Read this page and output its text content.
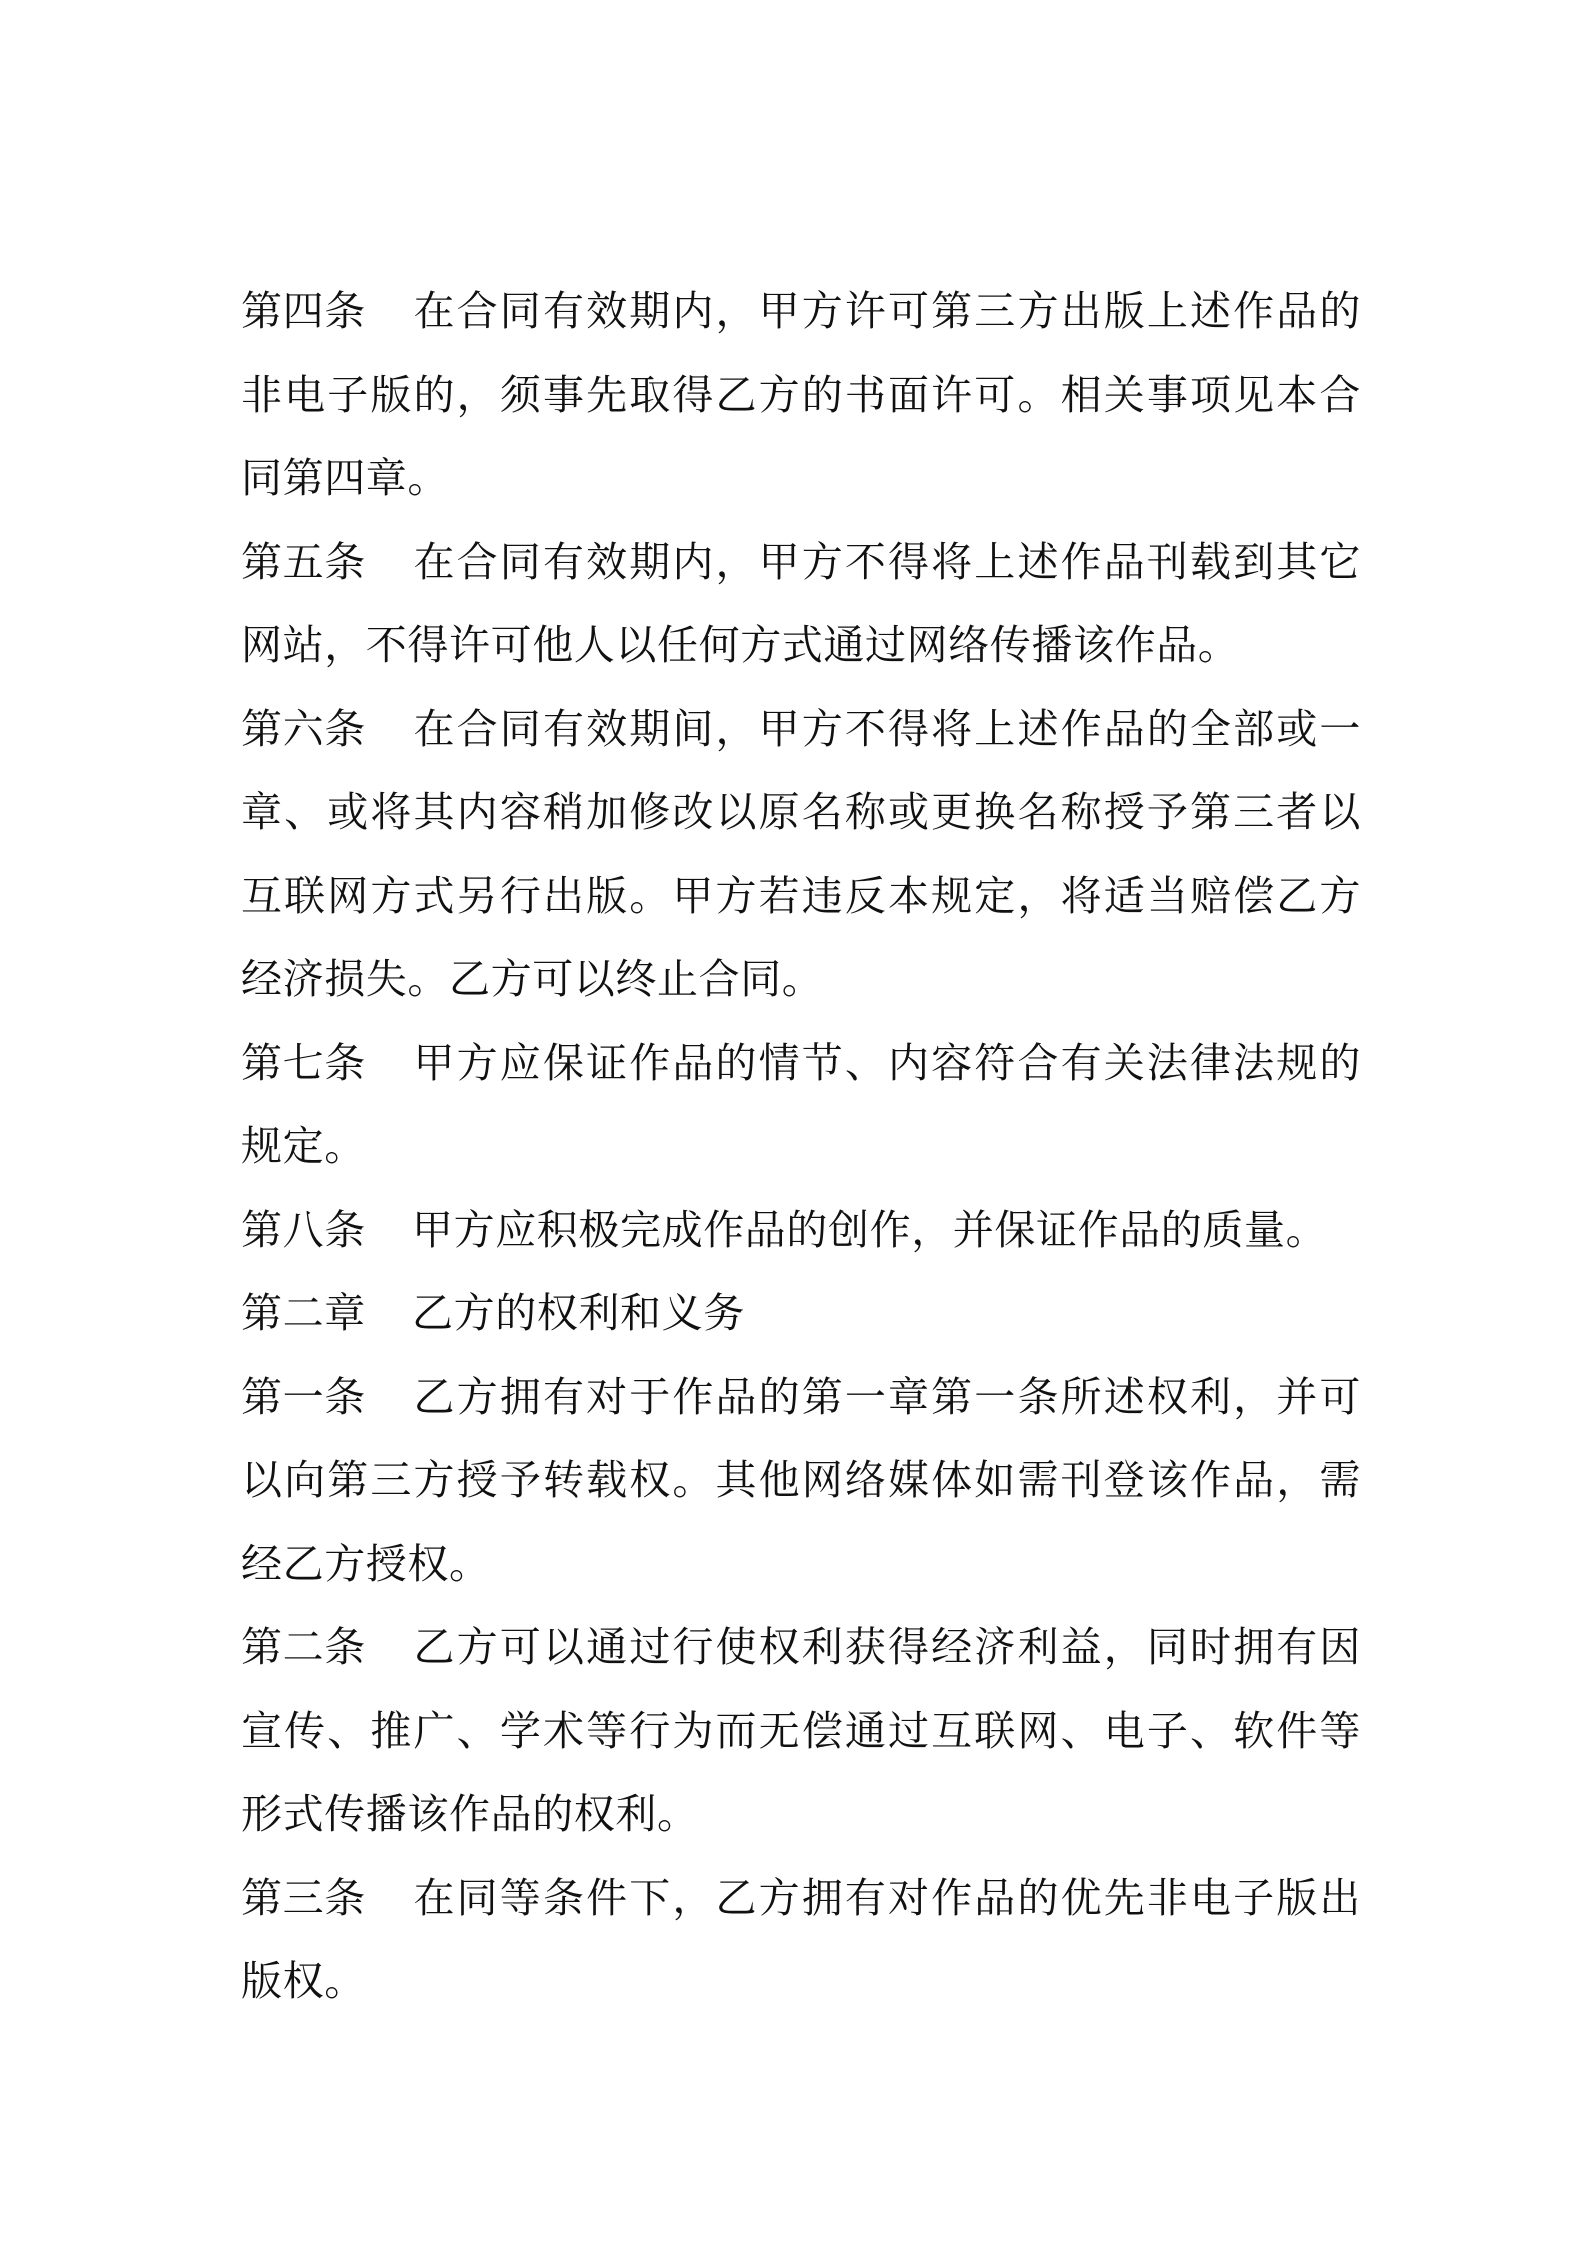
第四条 在合同有效期内，甲方许可第三方出版上述作品的非电子版的，须事先取得乙方的书面许可。相关事项见本合同第四章。

第五条 在合同有效期内，甲方不得将上述作品刊载到其它网站，不得许可他人以任何方式通过网络传播该作品。

第六条 在合同有效期间，甲方不得将上述作品的全部或一章、或将其内容稍加修改以原名称或更换名称授予第三者以互联网方式另行出版。甲方若违反本规定，将适当赔偿乙方经济损失。乙方可以终止合同。

第七条 甲方应保证作品的情节、内容符合有关法律法规的规定。

第八条 甲方应积极完成作品的创作，并保证作品的质量。

第二章 乙方的权利和义务

第一条 乙方拥有对于作品的第一章第一条所述权利，并可以向第三方授予转载权。其他网络媒体如需刊登该作品，需经乙方授权。

第二条 乙方可以通过行使权利获得经济利益，同时拥有因宣传、推广、学术等行为而无偿通过互联网、电子、软件等形式传播该作品的权利。

第三条 在同等条件下，乙方拥有对作品的优先非电子版出版权。
